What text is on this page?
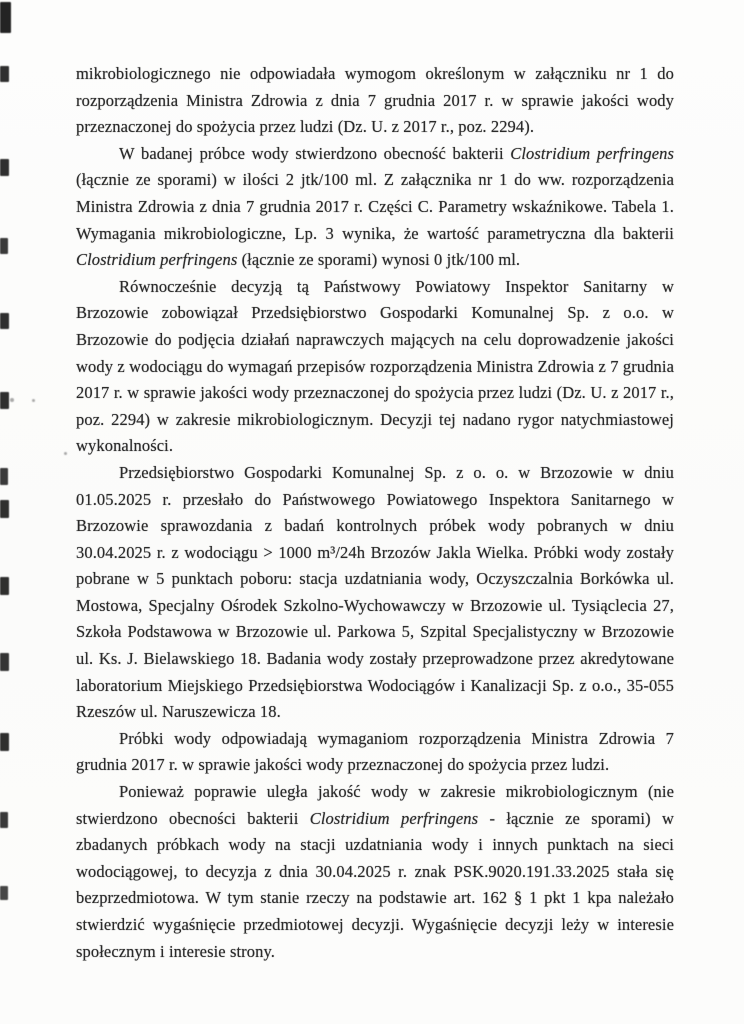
mikrobiologicznego nie odpowiadała wymogom określonym w załączniku nr 1 do rozporządzenia Ministra Zdrowia z dnia 7 grudnia 2017 r. w sprawie jakości wody przeznaczonej do spożycia przez ludzi (Dz. U. z 2017 r., poz. 2294).

W badanej próbce wody stwierdzono obecność bakterii Clostridium perfringens (łącznie ze sporami) w ilości 2 jtk/100 ml. Z załącznika nr 1 do ww. rozporządzenia Ministra Zdrowia z dnia 7 grudnia 2017 r. Części C. Parametry wskaźnikowe. Tabela 1. Wymagania mikrobiologiczne, Lp. 3 wynika, że wartość parametryczna dla bakterii Clostridium perfringens (łącznie ze sporami) wynosi 0 jtk/100 ml.

Równocześnie decyzją tą Państwowy Powiatowy Inspektor Sanitarny w Brzozowie zobowiązał Przedsiębiorstwo Gospodarki Komunalnej Sp. z o.o. w Brzozowie do podjęcia działań naprawczych mających na celu doprowadzenie jakości wody z wodociągu do wymagań przepisów rozporządzenia Ministra Zdrowia z 7 grudnia 2017 r. w sprawie jakości wody przeznaczonej do spożycia przez ludzi (Dz. U. z 2017 r., poz. 2294) w zakresie mikrobiologicznym. Decyzji tej nadano rygor natychmiastowej wykonalności.

Przedsiębiorstwo Gospodarki Komunalnej Sp. z o. o. w Brzozowie w dniu 01.05.2025 r. przesłało do Państwowego Powiatowego Inspektora Sanitarnego w Brzozowie sprawozdania z badań kontrolnych próbek wody pobranych w dniu 30.04.2025 r. z wodociągu > 1000 m³/24h Brzozów Jakla Wielka. Próbki wody zostały pobrane w 5 punktach poboru: stacja uzdatniania wody, Oczyszczalnia Borkówka ul. Mostowa, Specjalny Ośrodek Szkolno-Wychowawczy w Brzozowie ul. Tysiąclecia 27, Szkoła Podstawowa w Brzozowie ul. Parkowa 5, Szpital Specjalistyczny w Brzozowie ul. Ks. J. Bielawskiego 18. Badania wody zostały przeprowadzone przez akredytowane laboratorium Miejskiego Przedsiębiorstwa Wodociągów i Kanalizacji Sp. z o.o., 35-055 Rzeszów ul. Naruszewicza 18.

Próbki wody odpowiadają wymaganiom rozporządzenia Ministra Zdrowia 7 grudnia 2017 r. w sprawie jakości wody przeznaczonej do spożycia przez ludzi.

Ponieważ poprawie uległa jakość wody w zakresie mikrobiologicznym (nie stwierdzono obecności bakterii Clostridium perfringens - łącznie ze sporami) w zbadanych próbkach wody na stacji uzdatniania wody i innych punktach na sieci wodociągowej, to decyzja z dnia 30.04.2025 r. znak PSK.9020.191.33.2025 stała się bezprzedmiotowa. W tym stanie rzeczy na podstawie art. 162 § 1 pkt 1 kpa należało stwierdzić wygaśnięcie przedmiotowej decyzji. Wygaśnięcie decyzji leży w interesie społecznym i interesie strony.
